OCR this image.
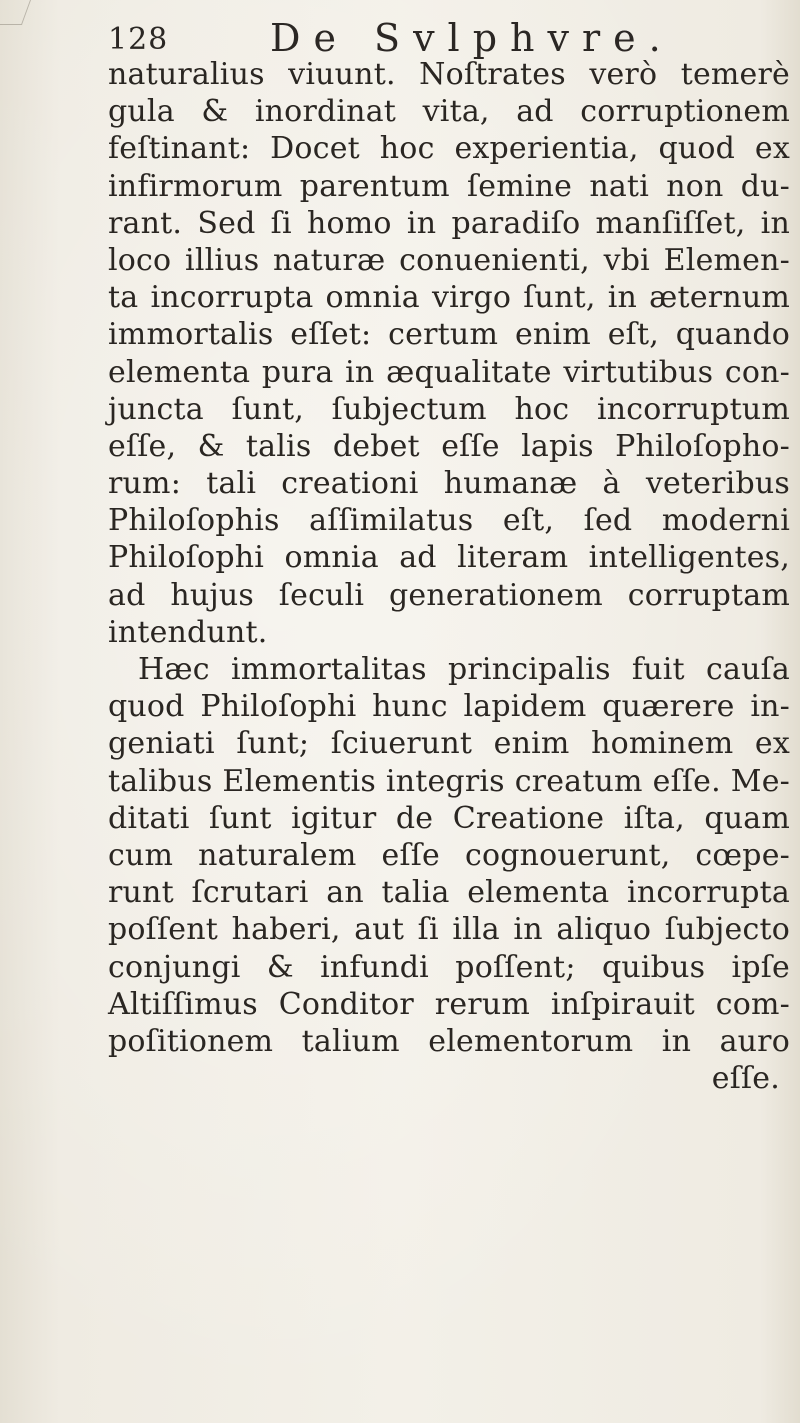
128	De Svlphvre.
naturalius viuunt. Noſtrates verò temerè
gula & inordinat vita, ad corruptionem
feſtinant: Docet hoc experientia, quod ex
infirmorum parentum ſemine nati non du-
rant. Sed ſi homo in paradiſo manſiſſet, in
loco illius naturæ conuenienti, vbi Elemen-
ta incorrupta omnia virgo ſunt, in æternum
immortalis eſſet: certum enim eſt, quando
elementa pura in æqualitate virtutibus con-
juncta ſunt, ſubjectum hoc incorruptum
eſſe, & talis debet eſſe lapis Philoſopho-
rum: tali creationi humanæ à veteribus
Philoſophis aſſimilatus eſt, ſed moderni
Philoſophi omnia ad literam intelligentes,
ad hujus ſeculi generationem corruptam
intendunt.
Hæc immortalitas principalis fuit cauſa
quod Philoſophi hunc lapidem quærere in-
geniati ſunt; ſciuerunt enim hominem ex
talibus Elementis integris creatum eſſe. Me-
ditati ſunt igitur de Creatione iſta, quam
cum naturalem eſſe cognouerunt, cœpe-
runt ſcrutari an talia elementa incorrupta
poſſent haberi, aut ſi illa in aliquo ſubjecto
conjungi & infundi poſſent; quibus ipſe
Altiſſimus Conditor rerum inſpirauit com-
poſitionem talium elementorum in auro
eſſe.
